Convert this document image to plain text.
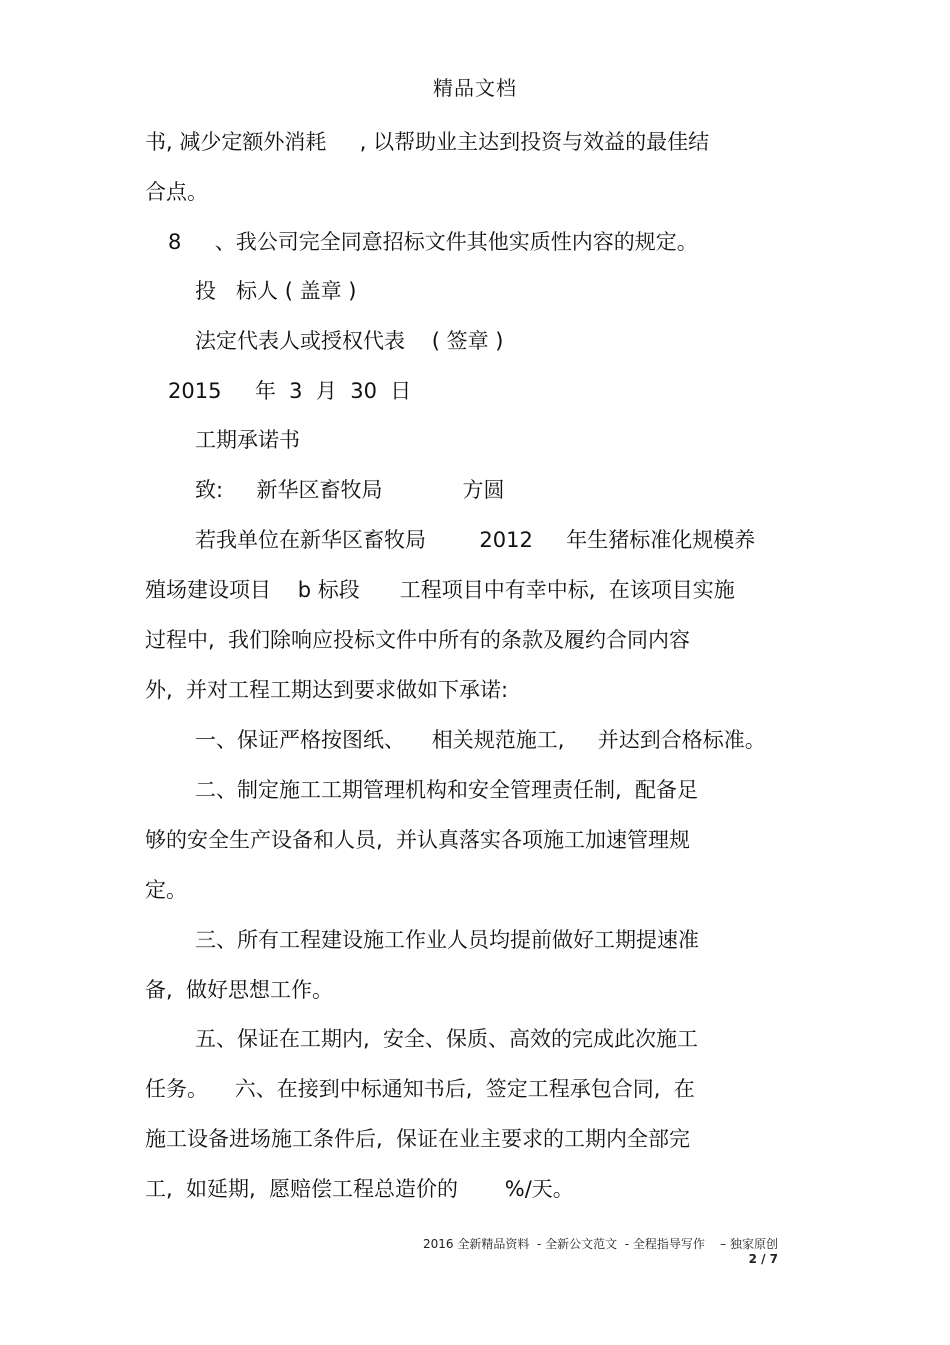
精品文档
书, 减少定额外消耗     , 以帮助业主达到投资与效益的最佳结
合点。
8     、我公司完全同意招标文件其他实质性内容的规定。
投   标人 ( 盖章 )
法定代表人或授权代表    ( 签章 )
2015     年  3  月  30  日
工期承诺书
致:     新华区畜牧局            方圆
若我单位在新华区畜牧局        2012     年生猪标准化规模养
殖场建设项目    b 标段      工程项目中有幸中标,  在该项目实施
过程中,  我们除响应投标文件中所有的条款及履约合同内容
外,  并对工程工期达到要求做如下承诺:
一、保证严格按图纸、    相关规范施工,     并达到合格标准。
二、制定施工工期管理机构和安全管理责任制,  配备足
够的安全生产设备和人员,  并认真落实各项施工加速管理规
定。
三、所有工程建设施工作业人员均提前做好工期提速准
备,  做好思想工作。
五、保证在工期内,  安全、保质、高效的完成此次施工
任务。    六、在接到中标通知书后,  签定工程承包合同,  在
施工设备进场施工条件后,  保证在业主要求的工期内全部完
工,  如延期,  愿赔偿工程总造价的       %/天。
2016 全新精品资料  - 全新公文范文  - 全程指导写作    – 独家原创
2 / 7
